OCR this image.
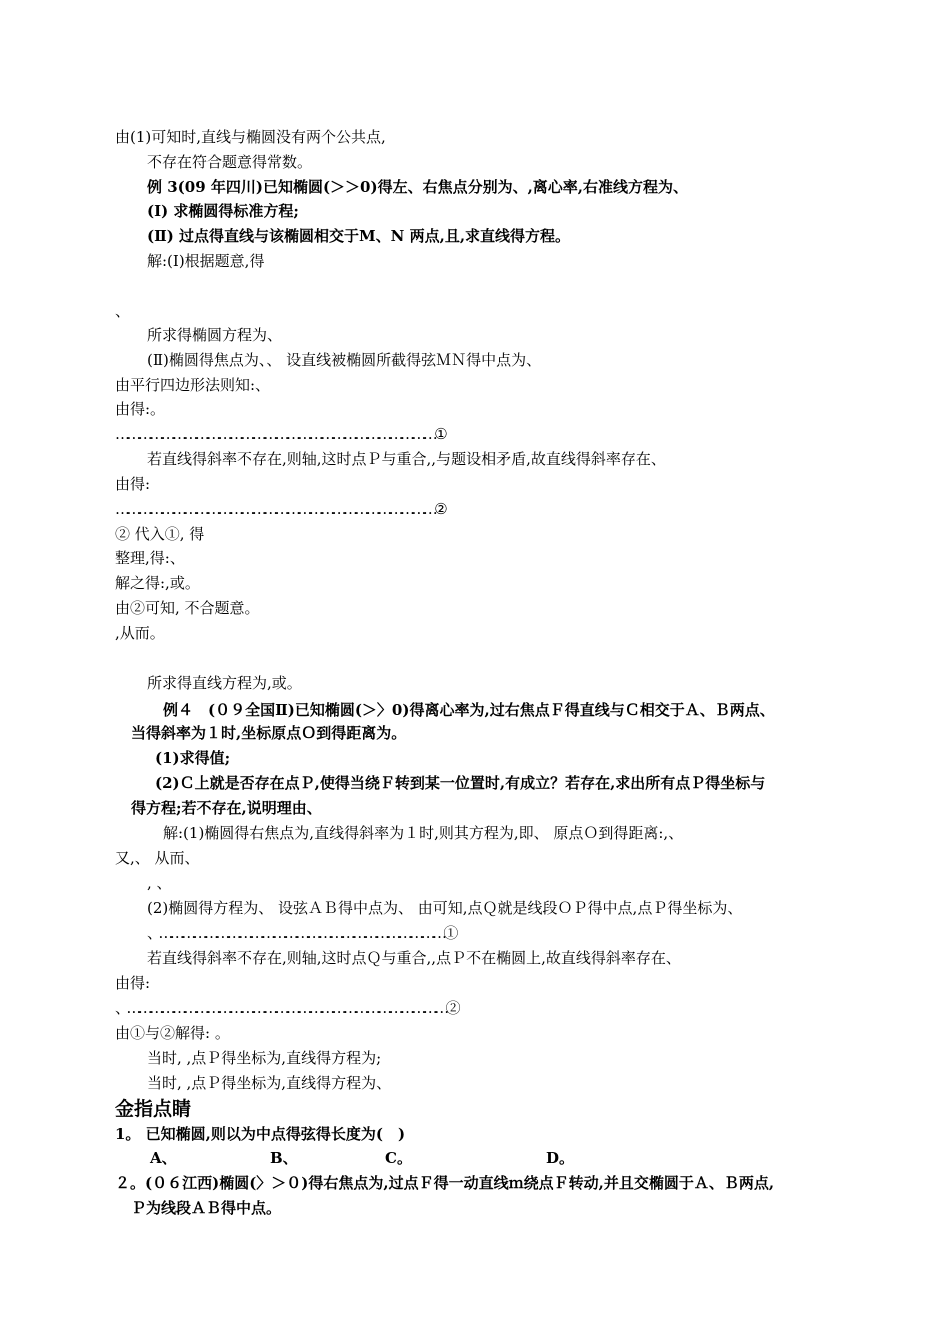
由(1)可知时,直线与椭圆没有两个公共点,
不存在符合题意得常数。
例 3(09 年四川)已知椭圆(＞＞0)得左、右焦点分别为、,离心率,右准线方程为、
(Ⅰ) 求椭圆得标准方程;
(Ⅱ) 过点得直线与该椭圆相交于M、N 两点,且,求直线得方程。
解:(Ⅰ)根据题意,得
、
所求得椭圆方程为、
(Ⅱ)椭圆得焦点为、、 设直线被椭圆所截得弦ＭＮ得中点为、
由平行四边形法则知:、
由得:。
…………………………………………………………………………①
若直线得斜率不存在,则轴,这时点Ｐ与重合,,与题设相矛盾,故直线得斜率存在、
由得:
…………………………………………………………………………②
② 代入①, 得
整理,得:、
解之得:,或。
由②可知, 不合题意。
,从而。
所求得直线方程为,或。
例４　(０９全国Ⅱ)已知椭圆(＞〉0)得离心率为,过右焦点Ｆ得直线与Ｃ相交于Ａ、Ｂ两点、
当得斜率为１时,坐标原点Ｏ到得距离为。
(1)求得值;
(2)Ｃ上就是否存在点Ｐ,使得当绕Ｆ转到某一位置时,有成立？若存在,求出所有点Ｐ得坐标与
得方程;若不存在,说明理由、
解:(1)椭圆得右焦点为,直线得斜率为１时,则其方程为,即、 原点Ｏ到得距离:,、
又,、 从而、
, 、
(2)椭圆得方程为、 设弦ＡＢ得中点为、 由可知,点Ｑ就是线段ＯＰ得中点,点Ｐ得坐标为、
、…………………………………………………………………①
若直线得斜率不存在,则轴,这时点Ｑ与重合,,点Ｐ不在椭圆上,故直线得斜率存在、
由得:
、…………………………………………………………………………②
由①与②解得: 。
当时, ,点Ｐ得坐标为,直线得方程为;
当时, ,点Ｐ得坐标为,直线得方程为、
金指点睛
1。 已知椭圆,则以为中点得弦得长度为(　)
A、	B、	C。	D。
２。(０６江西)椭圆(〉＞０)得右焦点为,过点Ｆ得一动直线ｍ绕点Ｆ转动,并且交椭圆于Ａ、Ｂ两点,
Ｐ为线段ＡＢ得中点。
